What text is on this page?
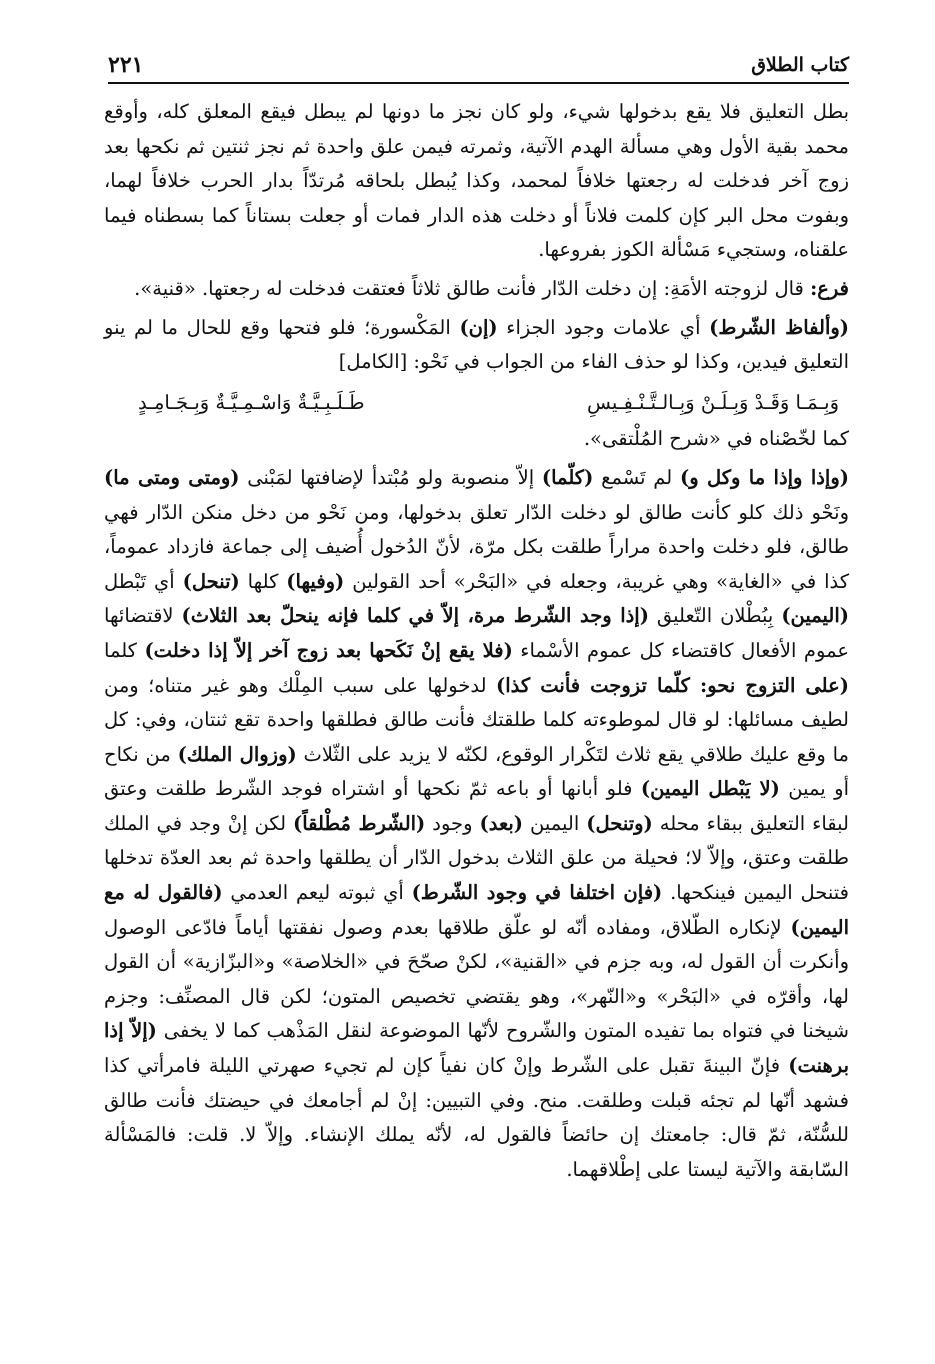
كتاب الطلاق
٢٢١

بطل التعليق فلا يقع بدخولها شيء، ولو كان نجز ما دونها لم يبطل فيقع المعلق كله، وأوقع محمد بقية الأول وهي مسألة الهدم الآتية، وثمرته فيمن علق واحدة ثم نجز ثنتين ثم نكحها بعد زوج آخر فدخلت له رجعتها خلافاً لمحمد، وكذا يُبطل بلحاقه مُرتدّاً بدار الحرب خلافاً لهما، وبفوت محل البر كإن كلمت فلاناً أو دخلت هذه الدار فمات أو جعلت بستاناً كما بسطناه فيما علقناه، وستجيء مَسْألة الكوز بفروعها.

فرع: قال لزوجته الأمَةِ: إن دخلت الدّار فأنت طالق ثلاثاً فعتقت فدخلت له رجعتها. «قنية».

(وألفاظ الشّرط) أي علامات وجود الجزاء (إن) المَكْسورة؛ فلو فتحها وقع للحال ما لم ينو التعليق فيدين، وكذا لو حذف الفاء من الجواب في نَحْو: [الكامل]

طَـلَـبِـيَّـةٌ وَاسْـمِـيَّـةٌ وَبِـجَـامِـدٍ	وَبِـمَـا وَقَـدْ وَبِـلَـنْ وَبِـالـتَّـنْـفِـيسِ

كما لخّصْناه في «شرح المُلْتقى».

(وإذا وإذا ما وكل و) لم تَسْمع (كلّما) إلاّ منصوبة ولو مُبْتدأ لإضافتها لمَبْنى (ومتى ومتى ما) ونَحْو ذلك كلو كأنت طالق لو دخلت الدّار تعلق بدخولها، ومن نَحْو من دخل منكن الدّار فهي طالق، فلو دخلت واحدة مراراً طلقت بكل مرّة، لأنّ الدُخول أُضيف إلى جماعة فازداد عموماً، كذا في «الغاية» وهي غريبة، وجعله في «البَحْر» أحد القولين (وفيها) كلها (تنحل) أي تَبْطل (اليمين) بِبُطْلان التّعليق (إذا وجد الشّرط مرة، إلاّ في كلما فإنه ينحلّ بعد الثلاث) لاقتضائها عموم الأفعال كاقتضاء كل عموم الأسْماء (فلا يقع إنْ نَكَحها بعد زوج آخر إلاّ إذا دخلت) كلما (على التزوج نحو: كلّما تزوجت فأنت كذا) لدخولها على سبب المِلْك وهو غير متناه؛ ومن لطيف مسائلها: لو قال لموطوءته كلما طلقتك فأنت طالق فطلقها واحدة تقع ثنتان، وفي: كل ما وقع عليك طلاقي يقع ثلاث لتَكْرار الوقوع، لكنّه لا يزيد على الثّلاث (وزوال الملك) من نكاح أو يمين (لا يَبْطل اليمين) فلو أبانها أو باعه ثمّ نكحها أو اشتراه فوجد الشّرط طلقت وعتق لبقاء التعليق ببقاء محله (وتنحل) اليمين (بعد) وجود (الشّرط مُطْلقاً) لكن إنْ وجد في الملك طلقت وعتق، وإلاّ لا؛ فحيلة من علق الثلاث بدخول الدّار أن يطلقها واحدة ثم بعد العدّة تدخلها فتنحل اليمين فينكحها. (فإن اختلفا في وجود الشّرط) أي ثبوته ليعم العدمي (فالقول له مع اليمين) لإنكاره الطّلاق، ومفاده أنّه لو علّق طلاقها بعدم وصول نفقتها أياماً فادّعى الوصول وأنكرت أن القول له، وبه جزم في «القنية»، لكنْ صحّحَ في «الخلاصة» و«البزّازية» أن القول لها، وأقرّه في «البَحْر» و«النّهر»، وهو يقتضي تخصيص المتون؛ لكن قال المصنِّف: وجزم شيخنا في فتواه بما تفيده المتون والشّروح لأنّها الموضوعة لنقل المَذْهب كما لا يخفى (إلاّ إذا برهنت) فإنّ البينةَ تقبل على الشّرط وإنْ كان نفياً كإن لم تجيء صهرتي الليلة فامرأتي كذا فشهد أنّها لم تجئه قبلت وطلقت. منح. وفي التبيين: إنْ لم أجامعك في حيضتك فأنت طالق للسُّنّة، ثمّ قال: جامعتك إن حائضاً فالقول له، لأنّه يملك الإنشاء. وإلاّ لا. قلت: فالمَسْألة السّابقة والآتية ليستا على إطْلاقهما.
